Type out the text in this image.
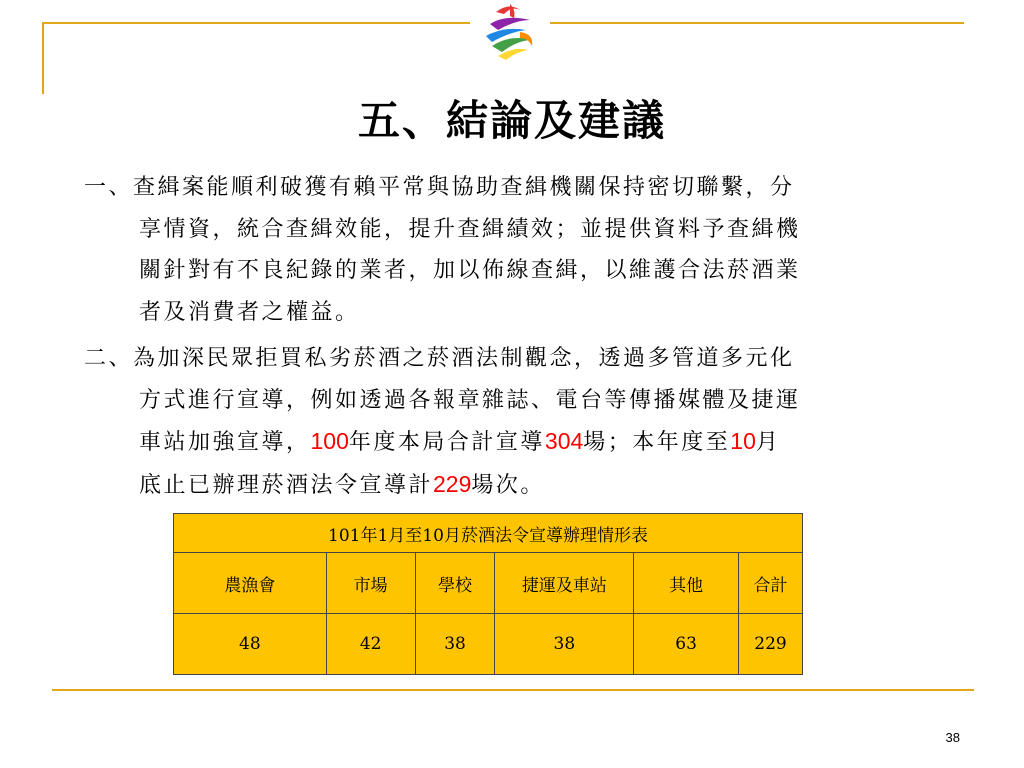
五、結論及建議
一、查緝案能順利破獲有賴平常與協助查緝機關保持密切聯繫，分
享情資，統合查緝效能，提升查緝績效；並提供資料予查緝機
關針對有不良紀錄的業者，加以佈線查緝，以維護合法菸酒業
者及消費者之權益。
二、為加深民眾拒買私劣菸酒之菸酒法制觀念，透過多管道多元化
方式進行宣導，例如透過各報章雜誌、電台等傳播媒體及捷運
車站加強宣導，100年度本局合計宣導304場；本年度至10月
底止已辦理菸酒法令宣導計229場次。
101年1月至10月菸酒法令宣導辦理情形表					
農漁會	市場	學校	捷運及車站	其他	合計
48	42	38	38	63	229
38
